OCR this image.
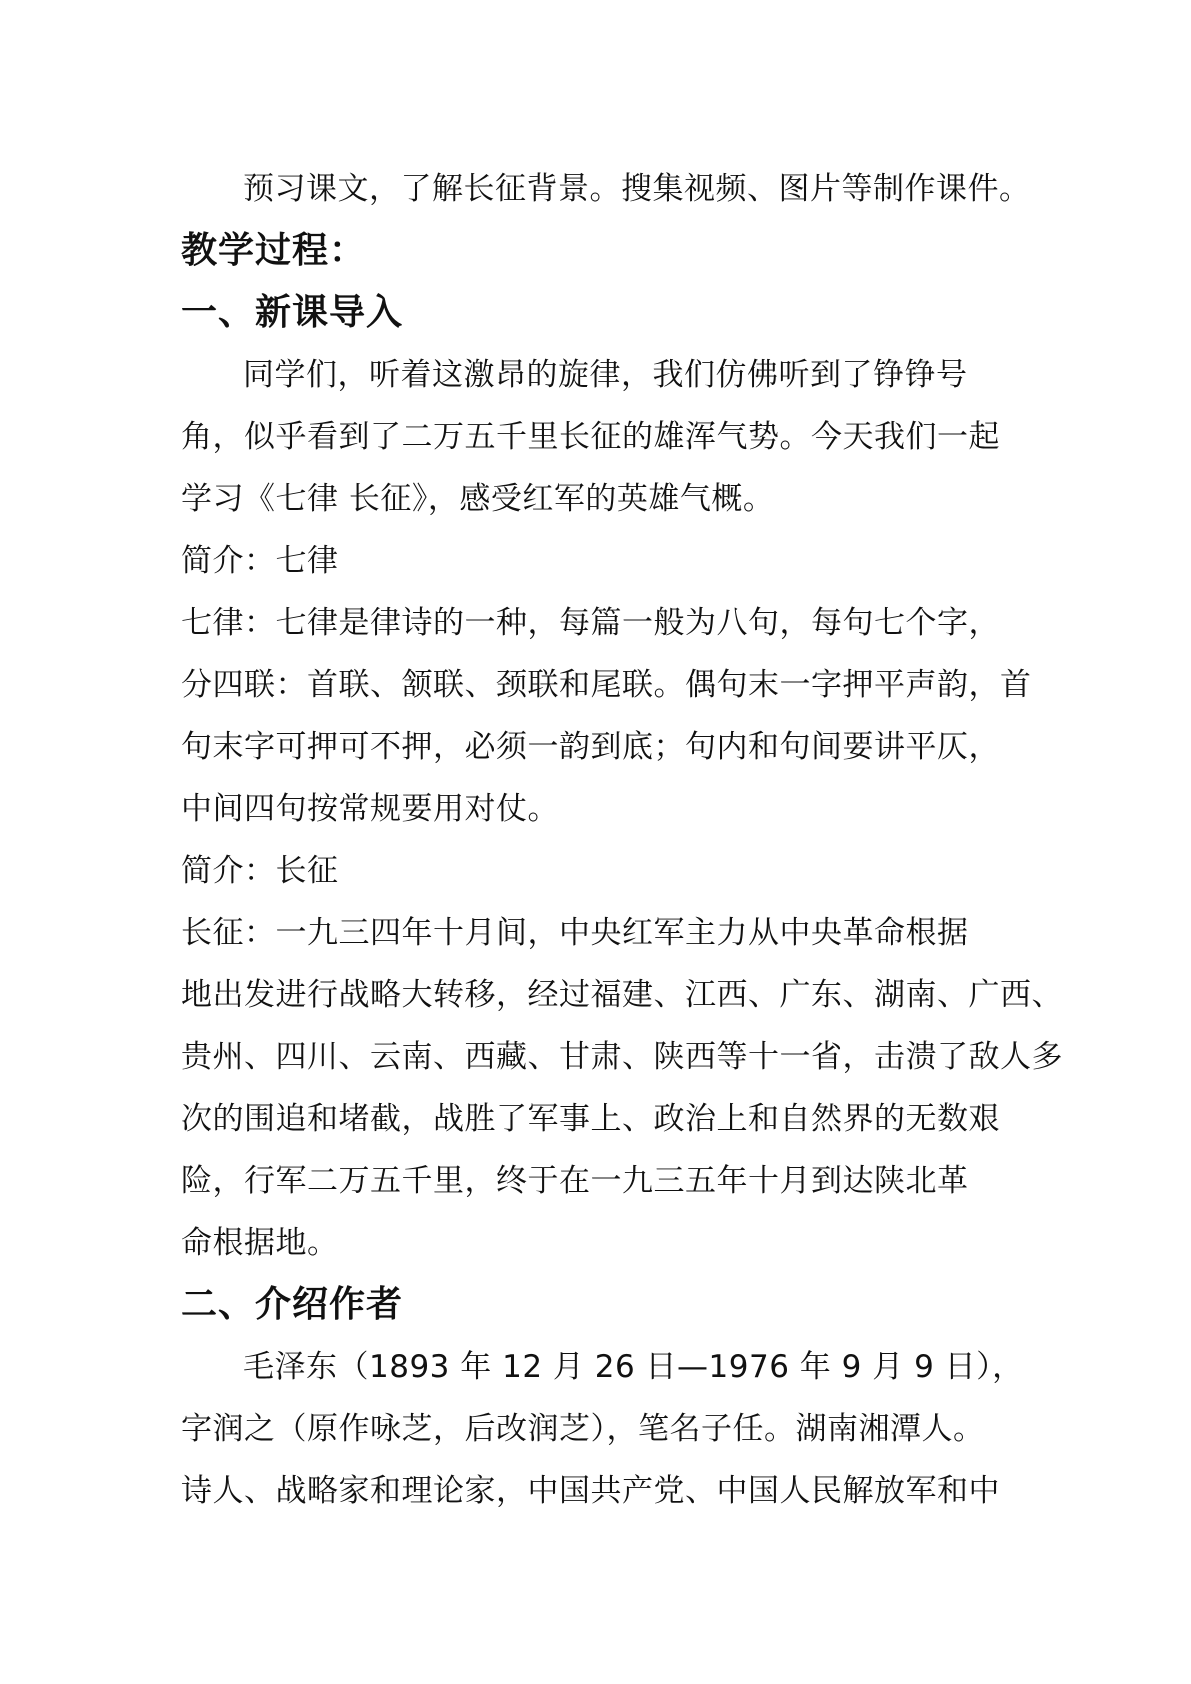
预习课文，了解长征背景。搜集视频、图片等制作课件。

教学过程：
一、新课导入

同学们，听着这激昂的旋律，我们仿佛听到了铮铮号

角，似乎看到了二万五千里长征的雄浑气势。今天我们一起

学习《七律 长征》，感受红军的英雄气概。

简介：七律

七律：七律是律诗的一种，每篇一般为八句，每句七个字，

分四联：首联、颔联、颈联和尾联。偶句末一字押平声韵，首

句末字可押可不押，必须一韵到底；句内和句间要讲平仄，

中间四句按常规要用对仗。

简介：长征

长征：一九三四年十月间，中央红军主力从中央革命根据

地出发进行战略大转移，经过福建、江西、广东、湖南、广西、

贵州、四川、云南、西藏、甘肃、陕西等十一省，击溃了敌人多

次的围追和堵截，战胜了军事上、政治上和自然界的无数艰

险，行军二万五千里，终于在一九三五年十月到达陕北革

命根据地。

二、介绍作者

毛泽东（1893 年 12 月 26 日—1976 年 9 月 9 日），

字润之（原作咏芝，后改润芝），笔名子任。湖南湘潭人。

诗人、战略家和理论家，中国共产党、中国人民解放军和中
